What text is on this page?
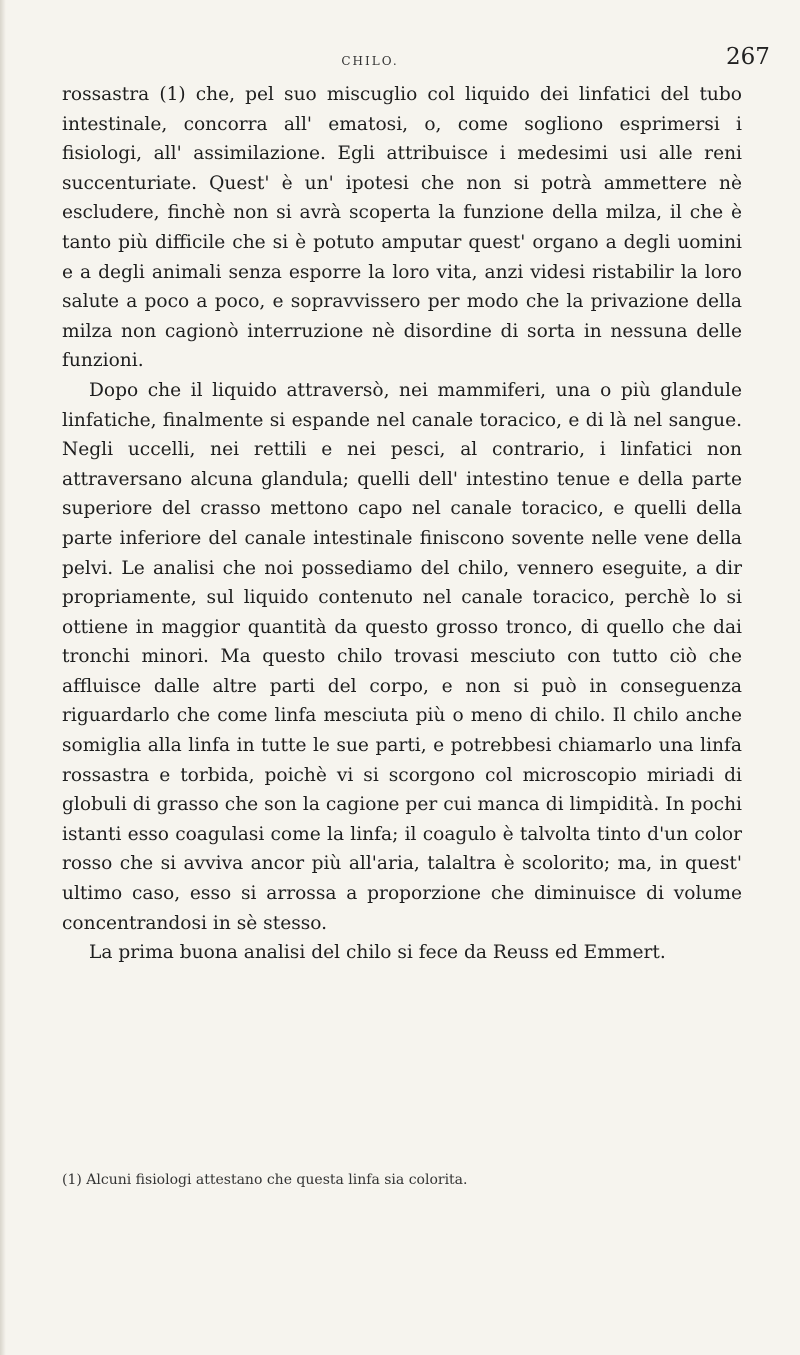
CHILO.	267

rossastra (1) che, pel suo miscuglio col liquido dei linfatici del tubo intestinale, concorra all' ematosi, o, come sogliono esprimersi i fisiologi, all' assimilazione. Egli attribuisce i medesimi usi alle reni succenturiate. Quest' è un' ipotesi che non si potrà ammettere nè escludere, finchè non si avrà scoperta la funzione della milza, il che è tanto più difficile che si è potuto amputar quest' organo a degli uomini e a degli animali senza esporre la loro vita, anzi videsi ristabilir la loro salute a poco a poco, e sopravvissero per modo che la privazione della milza non cagionò interruzione nè disordine di sorta in nessuna delle funzioni.

Dopo che il liquido attraversò, nei mammiferi, una o più glandule linfatiche, finalmente si espande nel canale toracico, e di là nel sangue. Negli uccelli, nei rettili e nei pesci, al contrario, i linfatici non attraversano alcuna glandula; quelli dell' intestino tenue e della parte superiore del crasso mettono capo nel canale toracico, e quelli della parte inferiore del canale intestinale finiscono sovente nelle vene della pelvi. Le analisi che noi possediamo del chilo, vennero eseguite, a dir propriamente, sul liquido contenuto nel canale toracico, perchè lo si ottiene in maggior quantità da questo grosso tronco, di quello che dai tronchi minori. Ma questo chilo trovasi mesciuto con tutto ciò che affluisce dalle altre parti del corpo, e non si può in conseguenza riguardarlo che come linfa mesciuta più o meno di chilo. Il chilo anche somiglia alla linfa in tutte le sue parti, e potrebbesi chiamarlo una linfa rossastra e torbida, poichè vi si scorgono col microscopio miriadi di globuli di grasso che son la cagione per cui manca di limpidità. In pochi istanti esso coagulasi come la linfa; il coagulo è talvolta tinto d'un color rosso che si avviva ancor più all'aria, talaltra è scolorito; ma, in quest' ultimo caso, esso si arrossa a proporzione che diminuisce di volume concentrandosi in sè stesso.

La prima buona analisi del chilo si fece da Reuss ed Emmert.

(1) Alcuni fisiologi attestano che questa linfa sia colorita.
